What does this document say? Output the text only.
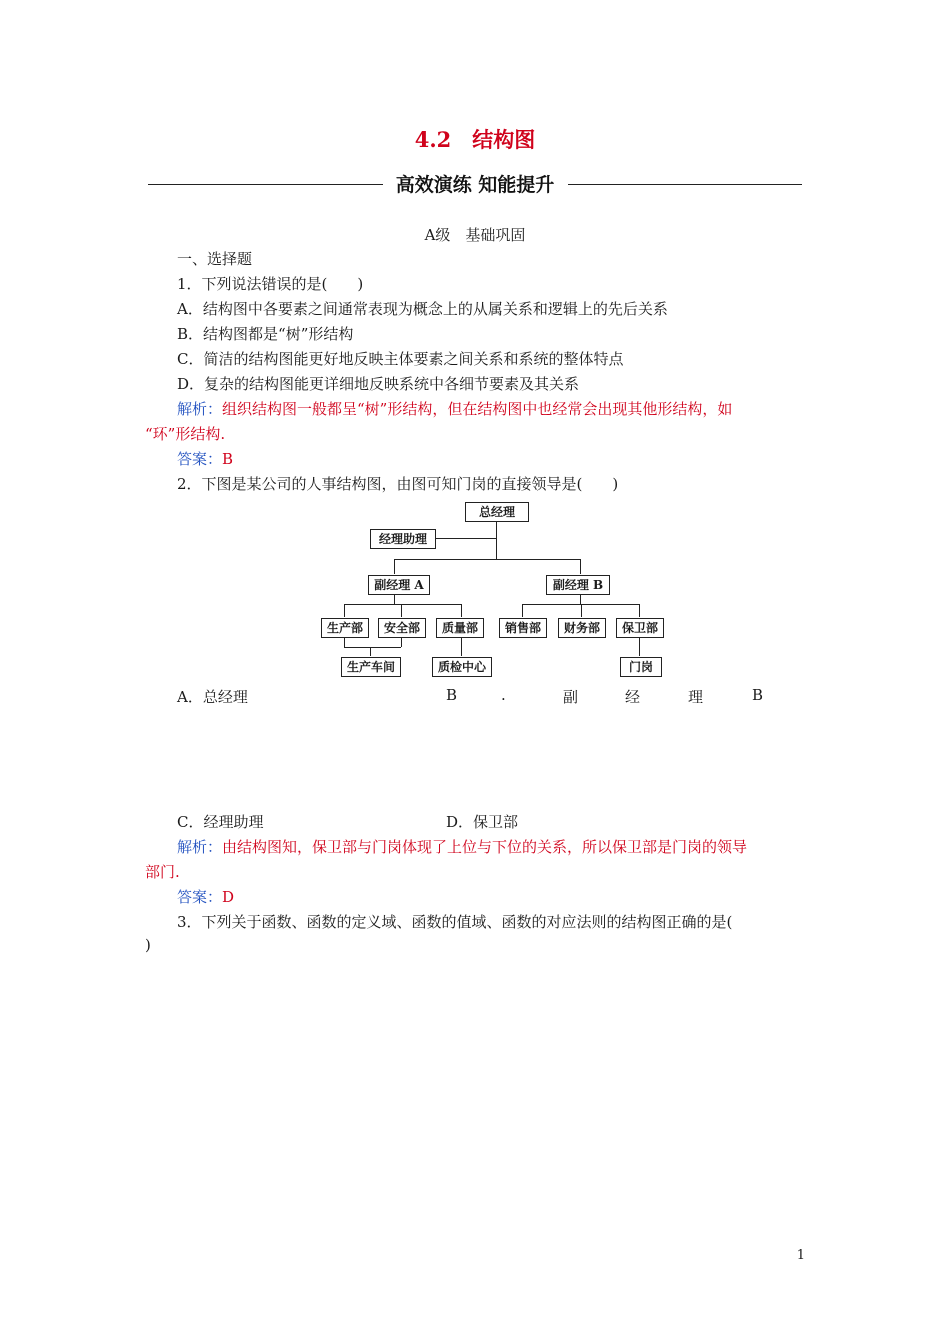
4.2　结构图
高效演练 知能提升
A级　基础巩固
一、选择题
1．下列说法错误的是(　　)
A．结构图中各要素之间通常表现为概念上的从属关系和逻辑上的先后关系
B．结构图都是“树”形结构
C．简洁的结构图能更好地反映主体要素之间关系和系统的整体特点
D．复杂的结构图能更详细地反映系统中各细节要素及其关系
解析：组织结构图一般都呈“树”形结构，但在结构图中也经常会出现其他形结构，如
“环”形结构.
答案：B
2．下图是某公司的人事结构图，由图可知门岗的直接领导是(　　)
总经理
经理助理
副经理 A	副经理 B
生产部	安全部	质量部	销售部	财务部	保卫部
生产车间	质检中心	门岗
A．总经理	B	.	副	经	理	B
C．经理助理	D．保卫部
解析：由结构图知，保卫部与门岗体现了上位与下位的关系，所以保卫部是门岗的领导
部门.
答案：D
3．下列关于函数、函数的定义域、函数的值域、函数的对应法则的结构图正确的是(
)
1
